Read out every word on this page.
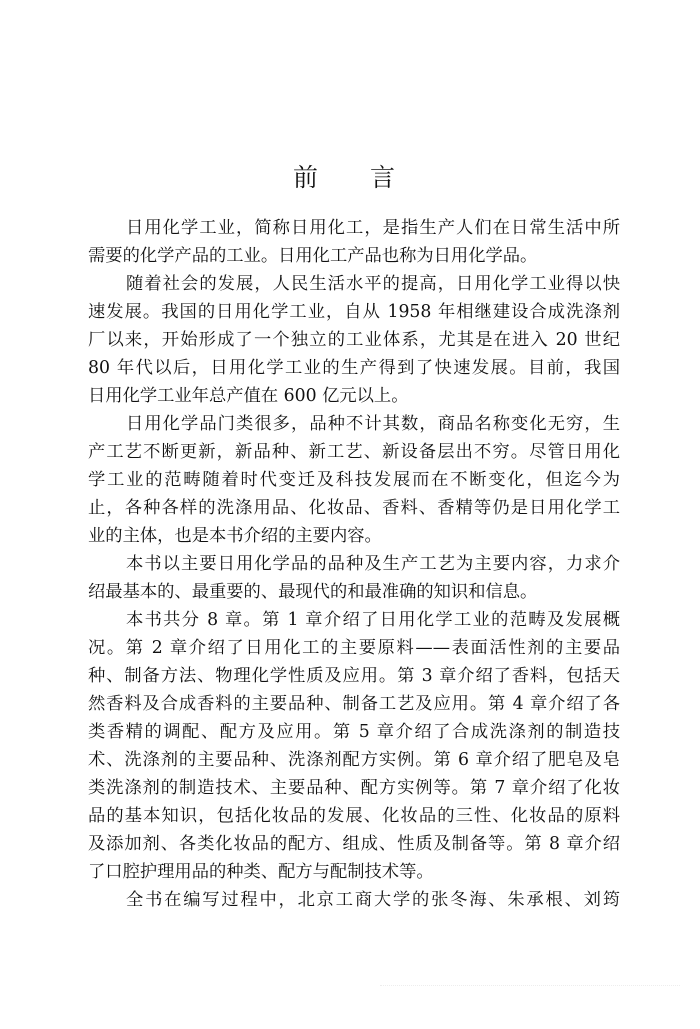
前言
日用化学工业，简称日用化工，是指生产人们在日常生活中所
需要的化学产品的工业。日用化工产品也称为日用化学品。
随着社会的发展，人民生活水平的提高，日用化学工业得以快
速发展。我国的日用化学工业，自从 1958 年相继建设合成洗涤剂
厂以来，开始形成了一个独立的工业体系，尤其是在进入 20 世纪
80 年代以后，日用化学工业的生产得到了快速发展。目前，我国
日用化学工业年总产值在 600 亿元以上。
日用化学品门类很多，品种不计其数，商品名称变化无穷，生
产工艺不断更新，新品种、新工艺、新设备层出不穷。尽管日用化
学工业的范畴随着时代变迁及科技发展而在不断变化，但迄今为
止，各种各样的洗涤用品、化妆品、香料、香精等仍是日用化学工
业的主体，也是本书介绍的主要内容。
本书以主要日用化学品的品种及生产工艺为主要内容，力求介
绍最基本的、最重要的、最现代的和最准确的知识和信息。
本书共分 8 章。第 1 章介绍了日用化学工业的范畴及发展概
况。第 2 章介绍了日用化工的主要原料——表面活性剂的主要品
种、制备方法、物理化学性质及应用。第 3 章介绍了香料，包括天
然香料及合成香料的主要品种、制备工艺及应用。第 4 章介绍了各
类香精的调配、配方及应用。第 5 章介绍了合成洗涤剂的制造技
术、洗涤剂的主要品种、洗涤剂配方实例。第 6 章介绍了肥皂及皂
类洗涤剂的制造技术、主要品种、配方实例等。第 7 章介绍了化妆
品的基本知识，包括化妆品的发展、化妆品的三性、化妆品的原料
及添加剂、各类化妆品的配方、组成、性质及制备等。第 8 章介绍
了口腔护理用品的种类、配方与配制技术等。
全书在编写过程中，北京工商大学的张冬海、朱承根、刘筠
